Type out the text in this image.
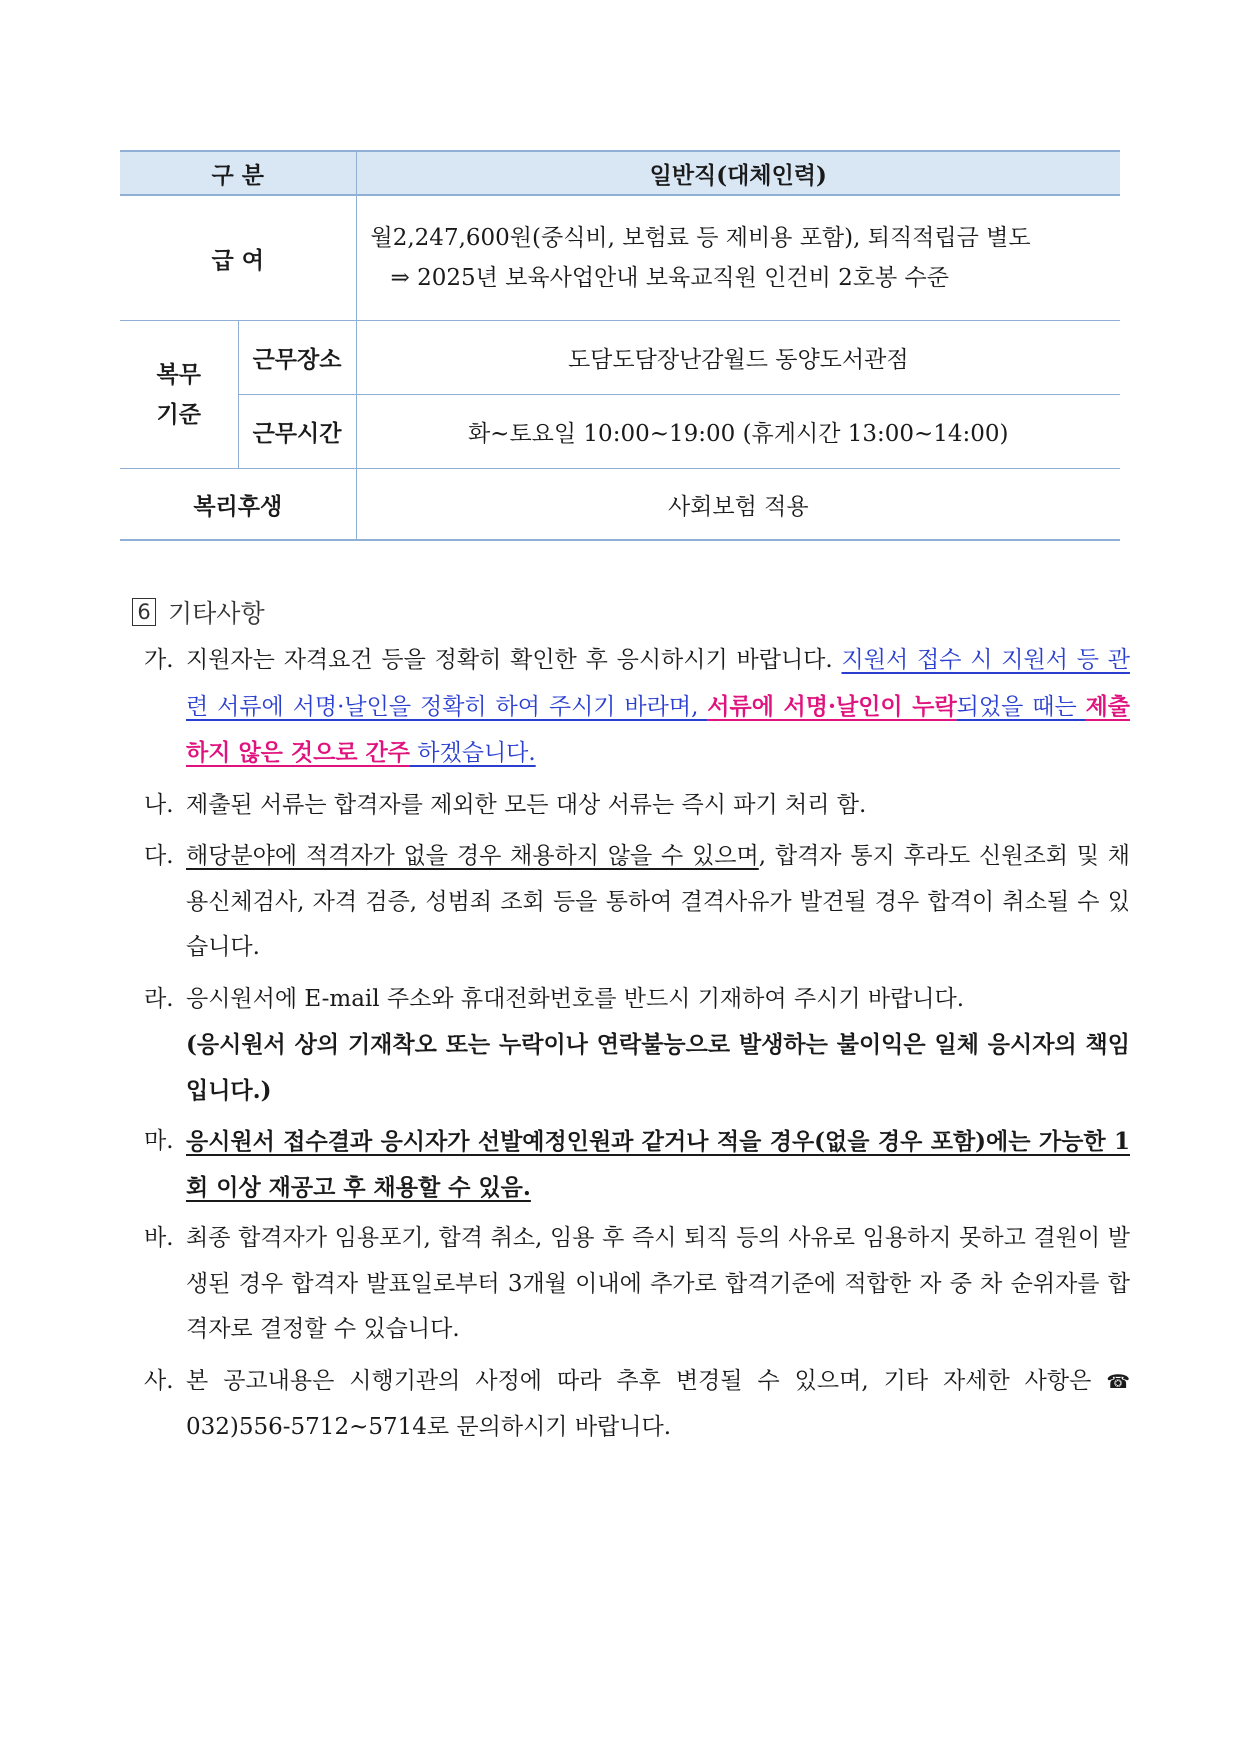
구 분		일반직(대체인력)
급 여		월2,247,600원(중식비, 보험료 등 제비용 포함), 퇴직적립금 별도
⇒ 2025년 보육사업안내 보육교직원 인건비 2호봉 수준

복무
기준	근무장소	도담도담장난감월드 동양도서관점
	근무시간	화~토요일 10:00~19:00 (휴게시간 13:00~14:00)
복리후생		사회보험 적용
6 기타사항
가. 지원자는 자격요건 등을 정확히 확인한 후 응시하시기 바랍니다. 지원서 접수 시 지원서 등 관련 서류에 서명·날인을 정확히 하여 주시기 바라며, 서류에 서명·날인이 누락되었을 때는 제출하지 않은 것으로 간주 하겠습니다.
나. 제출된 서류는 합격자를 제외한 모든 대상 서류는 즉시 파기 처리 함.
다. 해당분야에 적격자가 없을 경우 채용하지 않을 수 있으며, 합격자 통지 후라도 신원조회 및 채용신체검사, 자격 검증, 성범죄 조회 등을 통하여 결격사유가 발견될 경우 합격이 취소될 수 있습니다.
라. 응시원서에 E-mail 주소와 휴대전화번호를 반드시 기재하여 주시기 바랍니다.
(응시원서 상의 기재착오 또는 누락이나 연락불능으로 발생하는 불이익은 일체 응시자의 책임입니다.)
마. 응시원서 접수결과 응시자가 선발예정인원과 같거나 적을 경우(없을 경우 포함)에는 가능한 1회 이상 재공고 후 채용할 수 있음.
바. 최종 합격자가 임용포기, 합격 취소, 임용 후 즉시 퇴직 등의 사유로 임용하지 못하고 결원이 발생된 경우 합격자 발표일로부터 3개월 이내에 추가로 합격기준에 적합한 자 중 차 순위자를 합격자로 결정할 수 있습니다.
사. 본 공고내용은 시행기관의 사정에 따라 추후 변경될 수 있으며, 기타 자세한 사항은 ☎ 032)556-5712~5714로 문의하시기 바랍니다.
